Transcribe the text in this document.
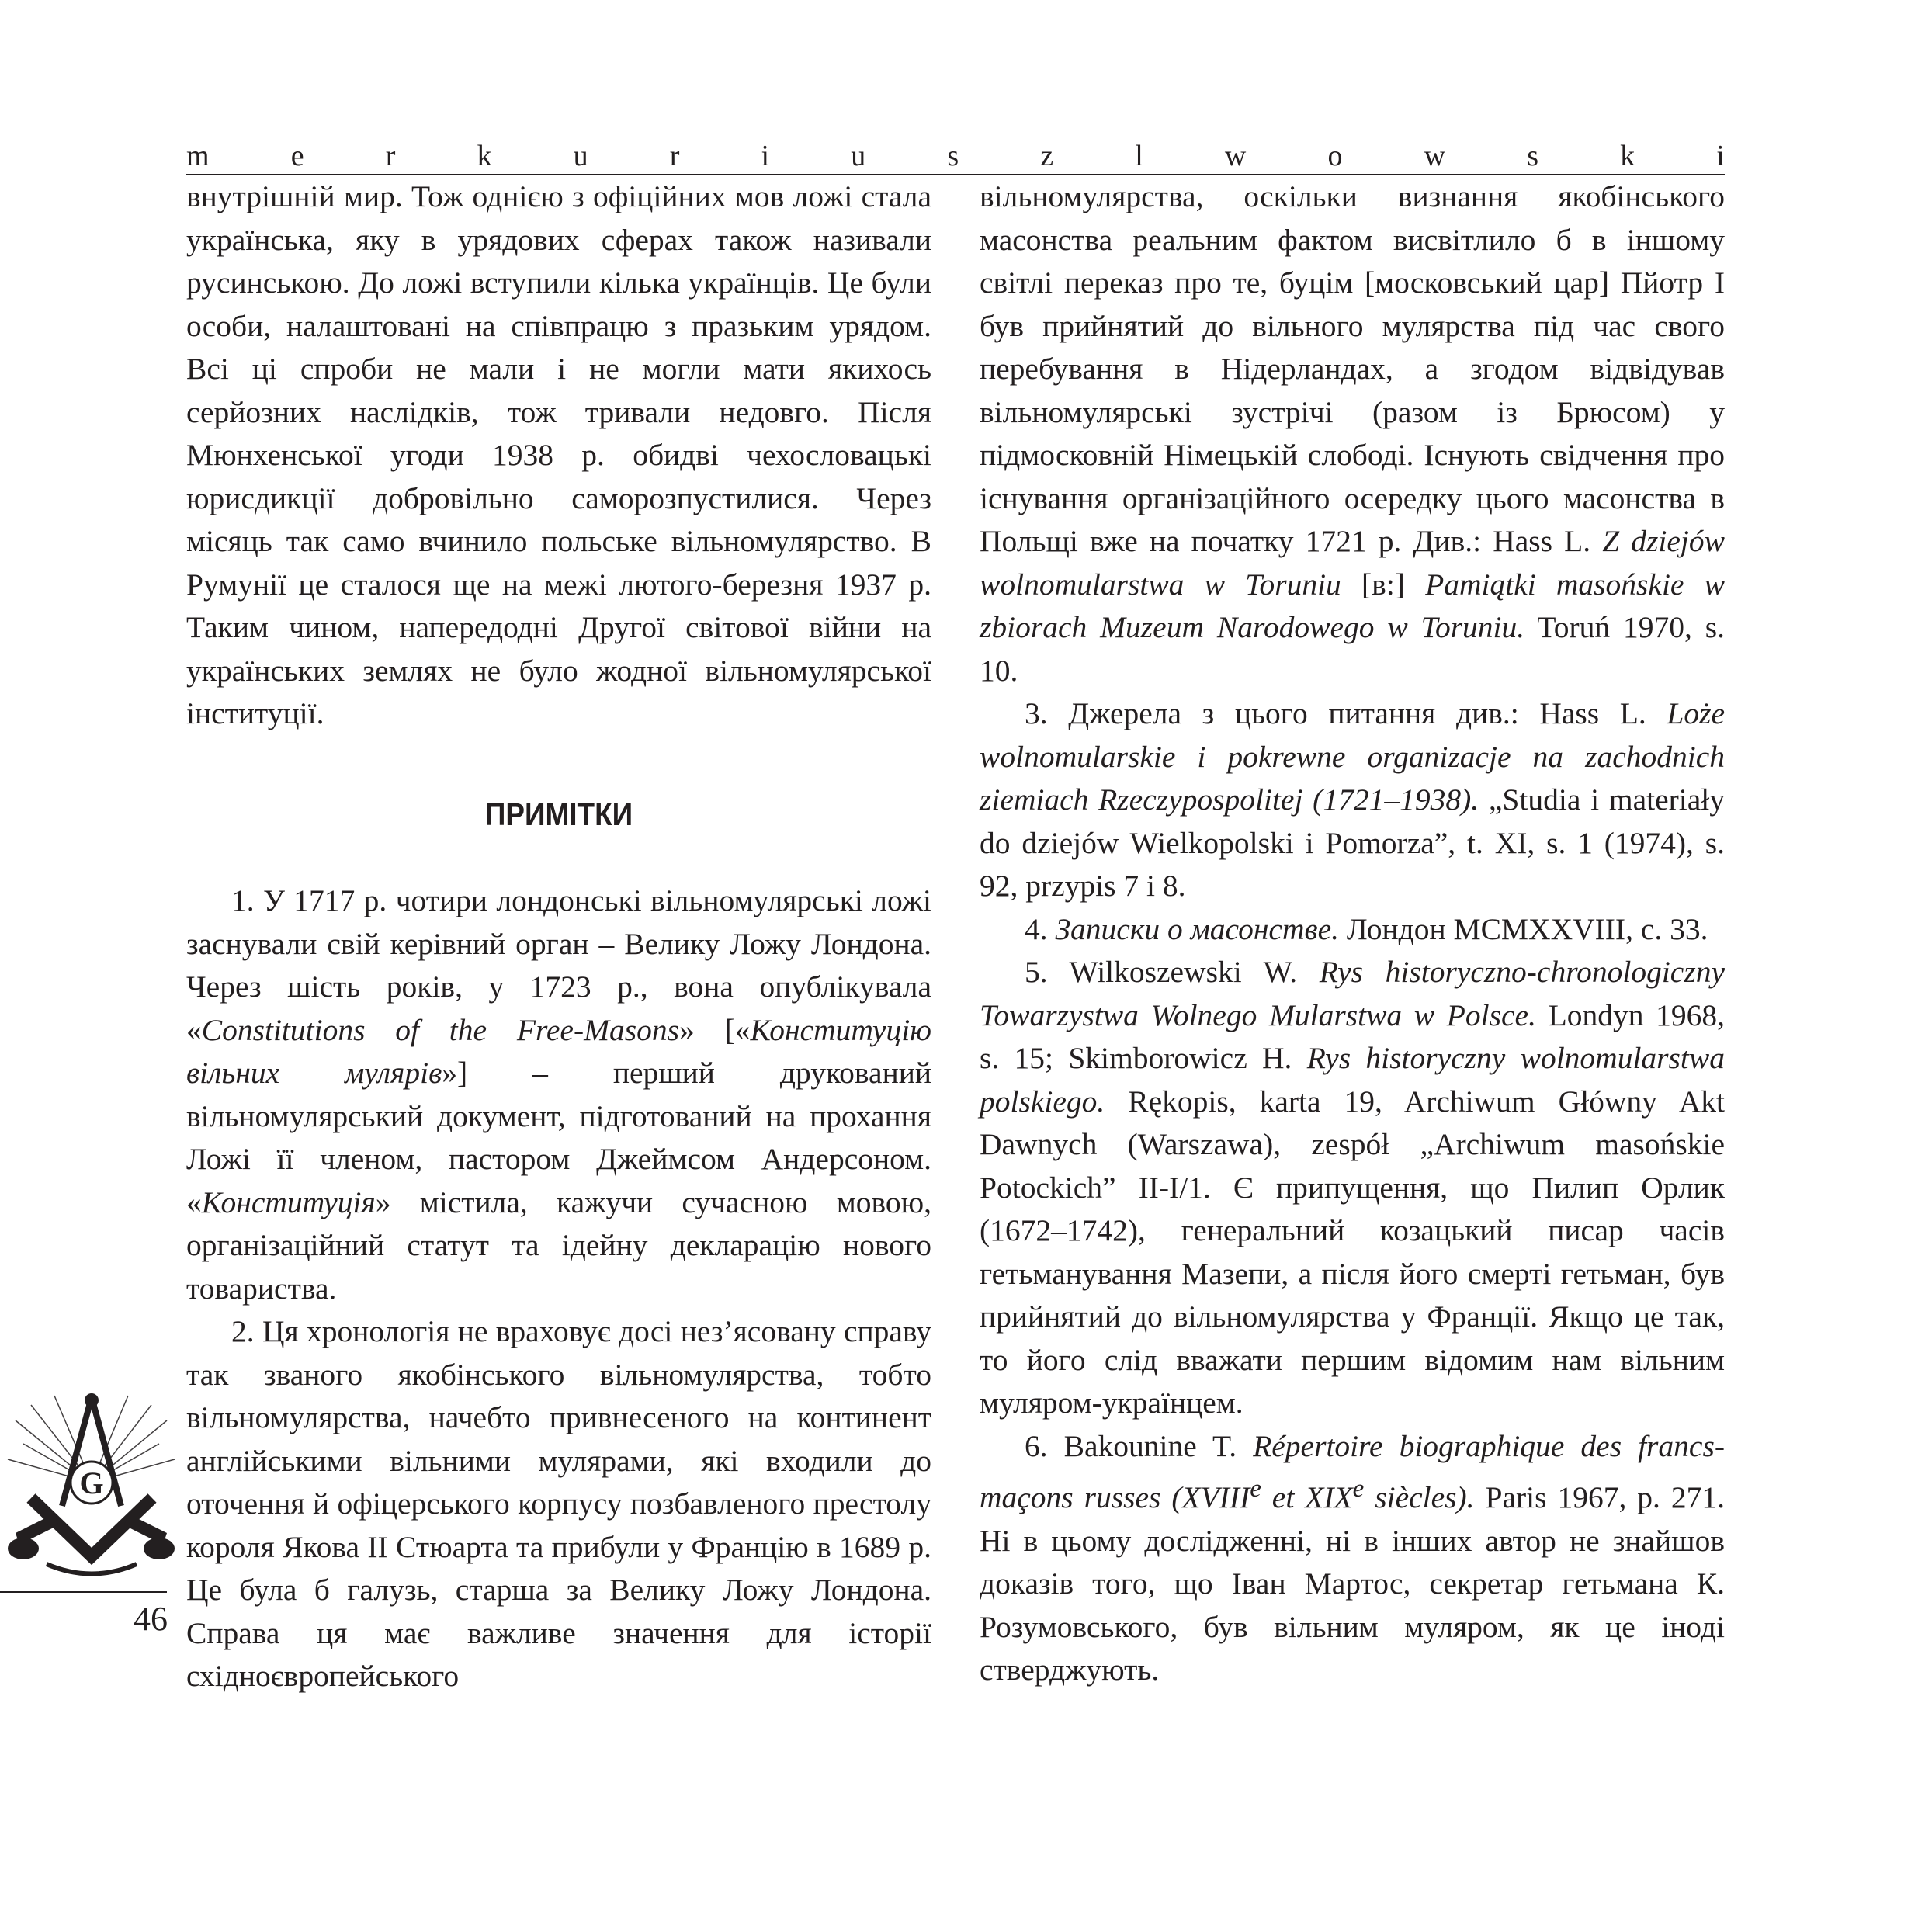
m	e	r	k	u	r	i	u	s	z	l	w	o	w	s	k	i

внутрішній мир. Тож однією з офіційних мов ложі стала українська, яку в урядових сферах також називали русинською. До ложі вступили кілька українців. Це були особи, налаштовані на співпрацю з празьким урядом. Всі ці спроби не мали і не могли мати якихось серйозних наслідків, тож тривали недовго. Після Мюнхенської угоди 1938 р. обидві чехословацькі юрисдикції добровільно саморозпустилися. Через місяць так само вчинило польське вільномулярство. В Румунії це сталося ще на межі лютого-березня 1937 р. Таким чином, напередодні Другої світової війни на українських землях не було жодної вільномулярської інституції.

ПРИМІТКИ

1. У 1717 р. чотири лондонські вільномулярські ложі заснували свій керівний орган – Велику Ложу Лондона. Через шість років, у 1723 р., вона опублікувала «Constitutions of the Free-Masons» [«Конституцію вільних мулярів»] – перший друкований вільномулярський документ, підготований на прохання Ложі її членом, пастором Джеймсом Андерсоном. «Конституція» містила, кажучи сучасною мовою, організаційний статут та ідейну декларацію нового товариства.

2. Ця хронологія не враховує досі нез’ясовану справу так званого якобінського вільномулярства, тобто вільномулярства, начебто привнесеного на континент англійськими вільними мулярами, які входили до оточення й офіцерського корпусу позбавленого престолу короля Якова II Стюарта та прибули у Францію в 1689 р. Це була б галузь, старша за Велику Ложу Лондона. Справа ця має важливе значення для історії східноєвропейського

вільномулярства, оскільки визнання якобінського масонства реальним фактом висвітлило б в іншому світлі переказ про те, буцім [московський цар] Пйотр I був прийнятий до вільного мулярства під час свого перебування в Нідерландах, а згодом відвідував вільномулярські зустрічі (разом із Брюсом) у підмосковній Німецькій слободі. Існують свідчення про існування організаційного осередку цього масонства в Польщі вже на початку 1721 р. Див.: Hass L. Z dziejów wolnomularstwa w Toruniu [в:] Pamiątki masońskie w zbiorach Muzeum Narodowego w Toruniu. Toruń 1970, s. 10.

3. Джерела з цього питання див.: Hass L. Loże wolnomularskie i pokrewne organizacje na zachodnich ziemiach Rzeczypospolitej (1721–1938). „Studia i materiały do dziejów Wielkopolski i Pomorza”, t. XI, s. 1 (1974), s. 92, przypis 7 i 8.

4. Записки о масонстве. Лондон MCMXXVIII, с. 33.

5. Wilkoszewski W. Rys historyczno-chronologiczny Towarzystwa Wolnego Mularstwa w Polsce. Londyn 1968, s. 15; Skimborowicz H. Rys historyczny wolnomularstwa polskiego. Rękopis, karta 19, Archiwum Główny Akt Dawnych (Warszawa), zespół „Archiwum masońskie Potockich” II-I/1. Є припущення, що Пилип Орлик (1672–1742), генеральний козацький писар часів гетьманування Мазепи, а після його смерті гетьман, був прийнятий до вільномулярства у Франції. Якщо це так, то його слід вважати першим відомим нам вільним муляром-українцем.

6. Bakounine T. Répertoire biographique des francs-maçons russes (XVIIIe et XIXe siècles). Paris 1967, p. 271. Ні в цьому дослідженні, ні в інших автор не знайшов доказів того, що Іван Мартос, секретар гетьмана К. Розумовського, був вільним муляром, як це іноді стверджують.

G
46
